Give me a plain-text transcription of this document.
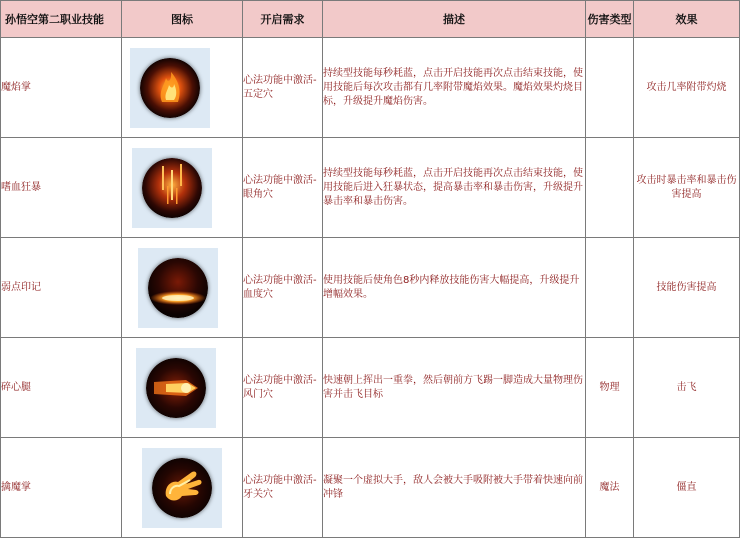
孙悟空第二职业技能	图标	开启需求	描述	伤害类型	效果
魔焰掌		心法功能中激活-五定穴	持续型技能每秒耗蓝，点击开启技能再次点击结束技能，使用技能后每次攻击都有几率附带魔焰效果。魔焰效果灼烧目标，升级提升魔焰伤害。		攻击几率附带灼烧
嗜血狂暴		心法功能中激活-眼角穴	持续型技能每秒耗蓝，点击开启技能再次点击结束技能，使用技能后进入狂暴状态，提高暴击率和暴击伤害，升级提升暴击率和暴击伤害。		攻击时暴击率和暴击伤害提高
弱点印记		心法功能中激活-血度穴	使用技能后使角色8秒内释放技能伤害大幅提高，升级提升增幅效果。		技能伤害提高
碎心腿		心法功能中激活-风门穴	快速朝上挥出一重拳，然后朝前方飞踢一脚造成大量物理伤害并击飞目标	物理	击飞
擒魔掌		心法功能中激活-牙关穴	凝聚一个虚拟大手，敌人会被大手吸附被大手带着快速向前冲锋	魔法	僵直
